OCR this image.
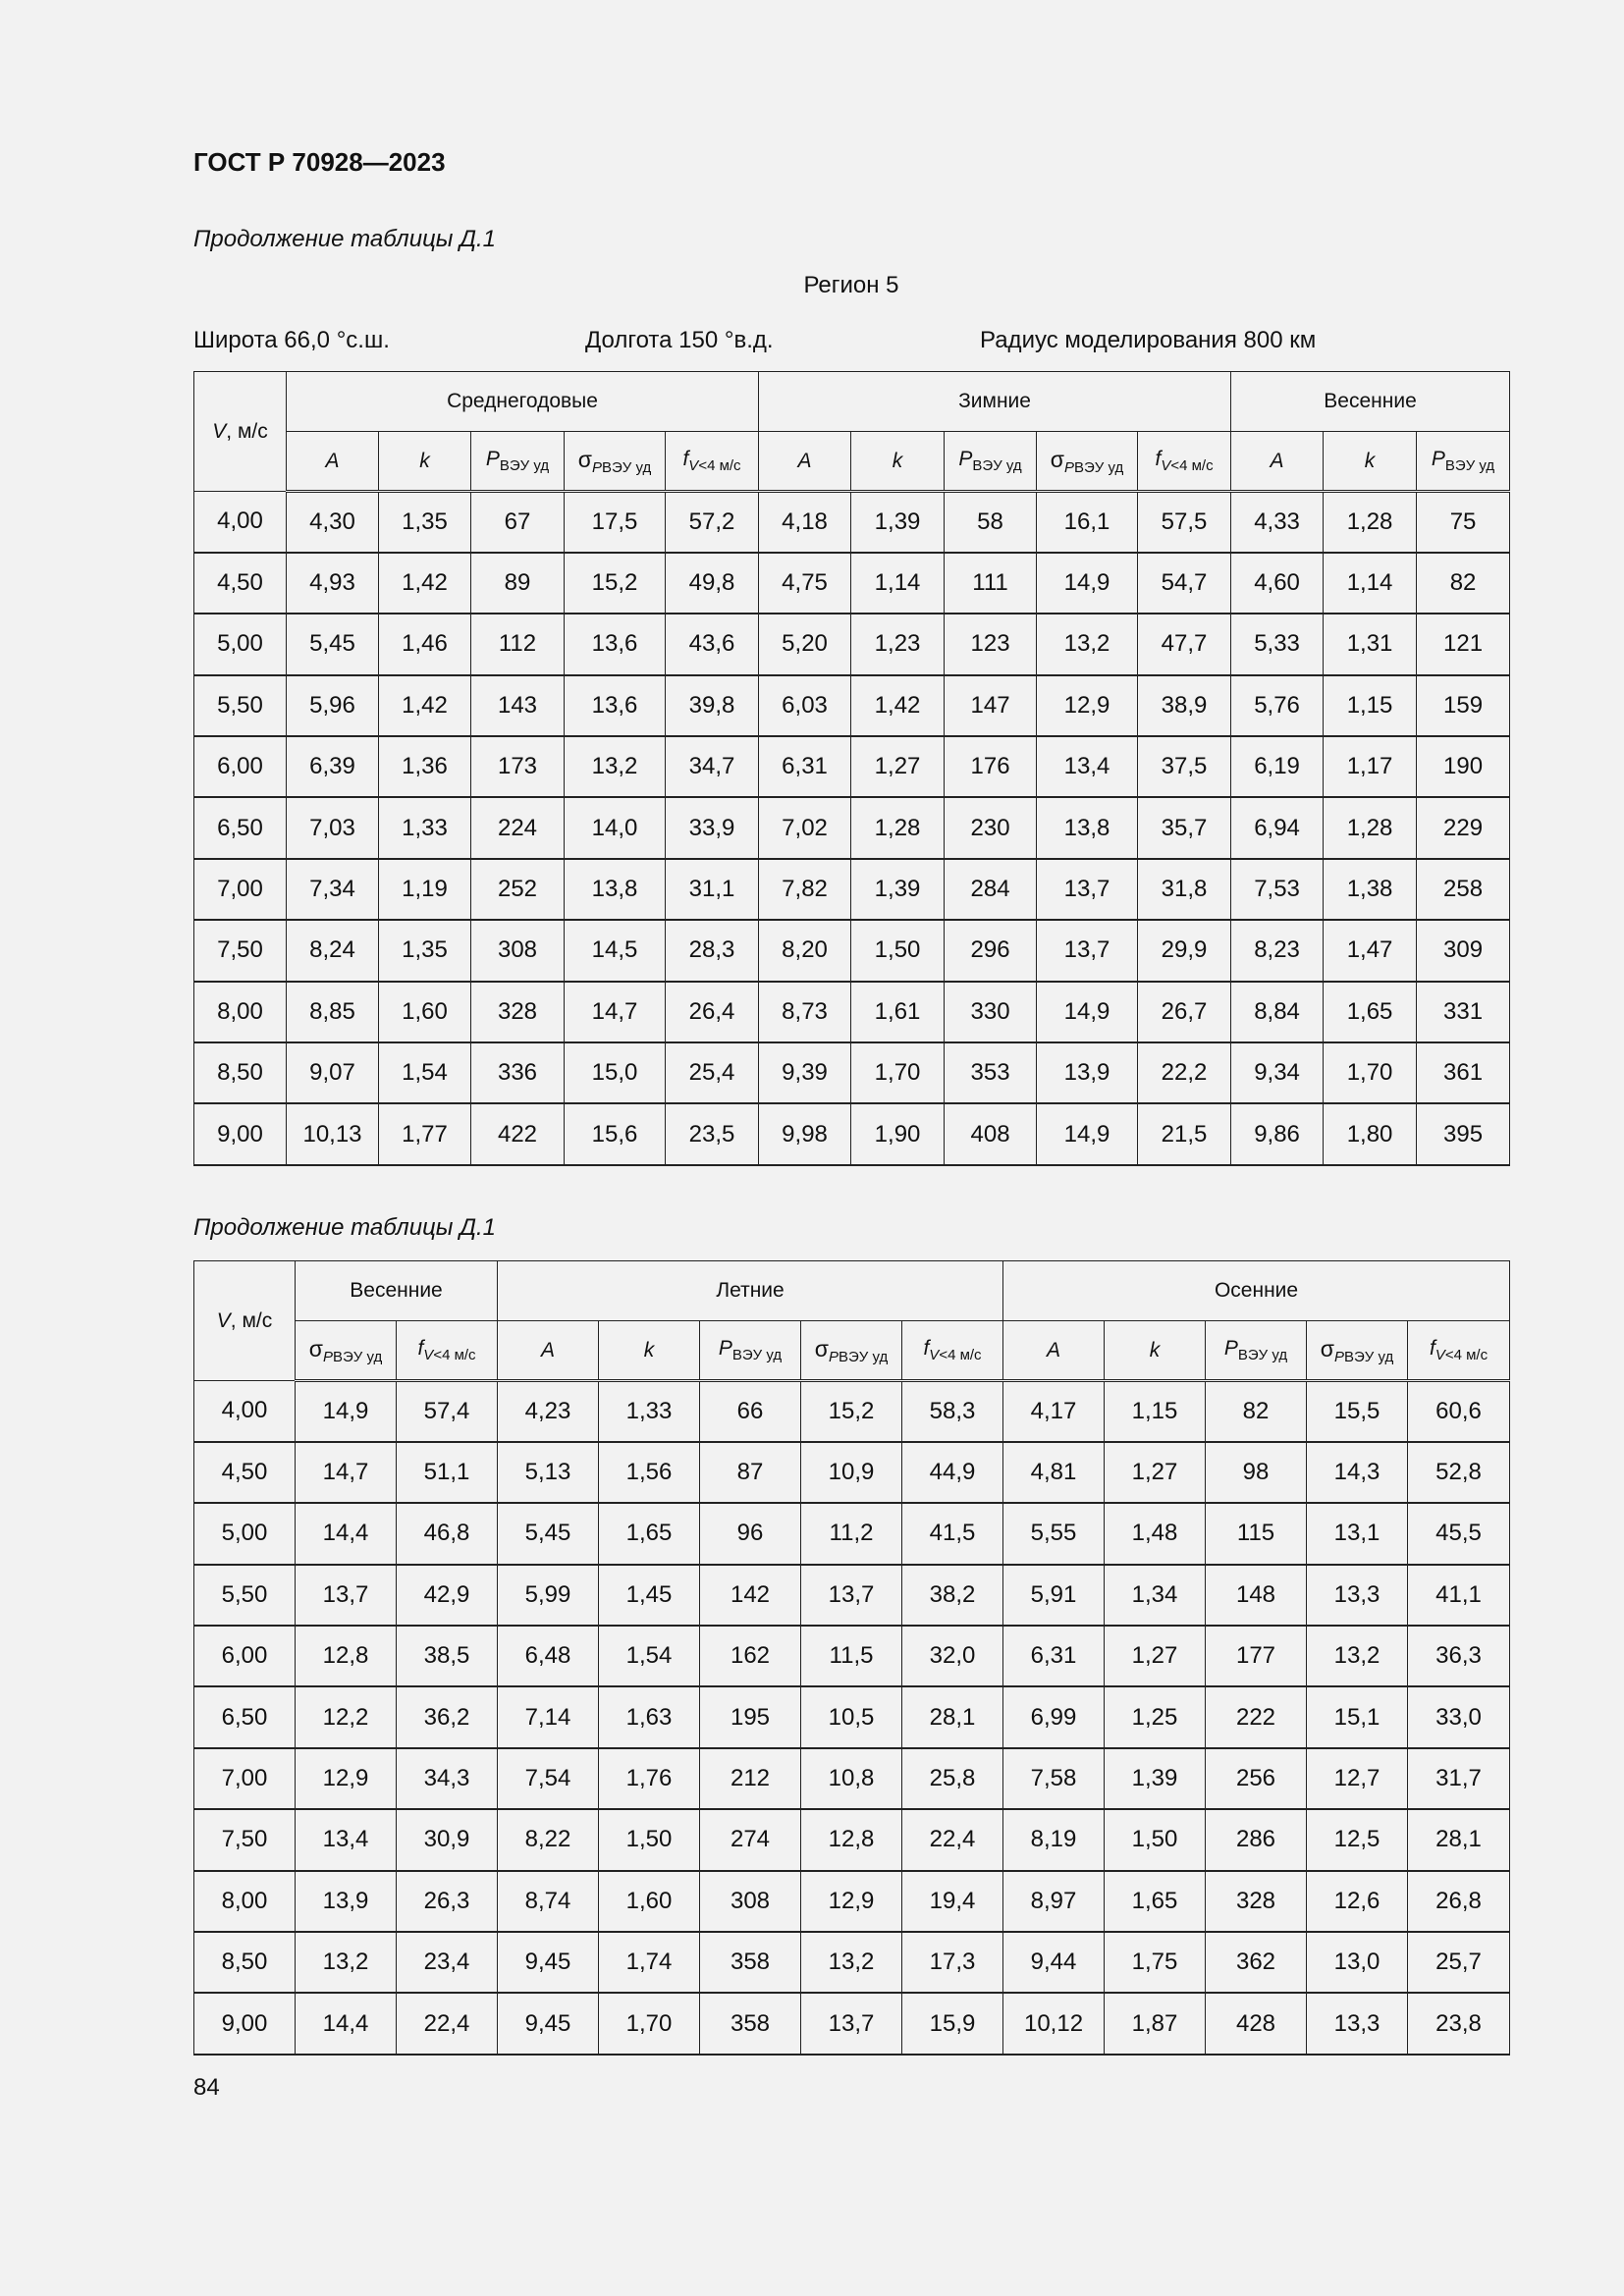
ГОСТ Р 70928—2023
Продолжение таблицы Д.1
Регион 5
Широта 66,0 °с.ш.	Долгота 150 °в.д.	Радиус моделирования 800 км
V, м/с	Среднегодовые					Зимние					Весенние		
	A	k	$P_{ВЭУ уд}$	$\sigma_{PВЭУ уд}$	$f_{V<4 м/с}$	A	k	$P_{ВЭУ уд}$	$\sigma_{PВЭУ уд}$	$f_{V<4 м/с}$	A	k	$P_{ВЭУ уд}$
4,00	4,30	1,35	67	17,5	57,2	4,18	1,39	58	16,1	57,5	4,33	1,28	75
4,50	4,93	1,42	89	15,2	49,8	4,75	1,14	111	14,9	54,7	4,60	1,14	82
5,00	5,45	1,46	112	13,6	43,6	5,20	1,23	123	13,2	47,7	5,33	1,31	121
5,50	5,96	1,42	143	13,6	39,8	6,03	1,42	147	12,9	38,9	5,76	1,15	159
6,00	6,39	1,36	173	13,2	34,7	6,31	1,27	176	13,4	37,5	6,19	1,17	190
6,50	7,03	1,33	224	14,0	33,9	7,02	1,28	230	13,8	35,7	6,94	1,28	229
7,00	7,34	1,19	252	13,8	31,1	7,82	1,39	284	13,7	31,8	7,53	1,38	258
7,50	8,24	1,35	308	14,5	28,3	8,20	1,50	296	13,7	29,9	8,23	1,47	309
8,00	8,85	1,60	328	14,7	26,4	8,73	1,61	330	14,9	26,7	8,84	1,65	331
8,50	9,07	1,54	336	15,0	25,4	9,39	1,70	353	13,9	22,2	9,34	1,70	361
9,00	10,13	1,77	422	15,6	23,5	9,98	1,90	408	14,9	21,5	9,86	1,80	395
Продолжение таблицы Д.1
V, м/с	Весенние		Летние					Осенние				
	$\sigma_{PВЭУ уд}$	$f_{V<4 м/с}$	A	k	$P_{ВЭУ уд}$	$\sigma_{PВЭУ уд}$	$f_{V<4 м/с}$	A	k	$P_{ВЭУ уд}$	$\sigma_{PВЭУ уд}$	$f_{V<4 м/с}$
4,00	14,9	57,4	4,23	1,33	66	15,2	58,3	4,17	1,15	82	15,5	60,6
4,50	14,7	51,1	5,13	1,56	87	10,9	44,9	4,81	1,27	98	14,3	52,8
5,00	14,4	46,8	5,45	1,65	96	11,2	41,5	5,55	1,48	115	13,1	45,5
5,50	13,7	42,9	5,99	1,45	142	13,7	38,2	5,91	1,34	148	13,3	41,1
6,00	12,8	38,5	6,48	1,54	162	11,5	32,0	6,31	1,27	177	13,2	36,3
6,50	12,2	36,2	7,14	1,63	195	10,5	28,1	6,99	1,25	222	15,1	33,0
7,00	12,9	34,3	7,54	1,76	212	10,8	25,8	7,58	1,39	256	12,7	31,7
7,50	13,4	30,9	8,22	1,50	274	12,8	22,4	8,19	1,50	286	12,5	28,1
8,00	13,9	26,3	8,74	1,60	308	12,9	19,4	8,97	1,65	328	12,6	26,8
8,50	13,2	23,4	9,45	1,74	358	13,2	17,3	9,44	1,75	362	13,0	25,7
9,00	14,4	22,4	9,45	1,70	358	13,7	15,9	10,12	1,87	428	13,3	23,8
84
